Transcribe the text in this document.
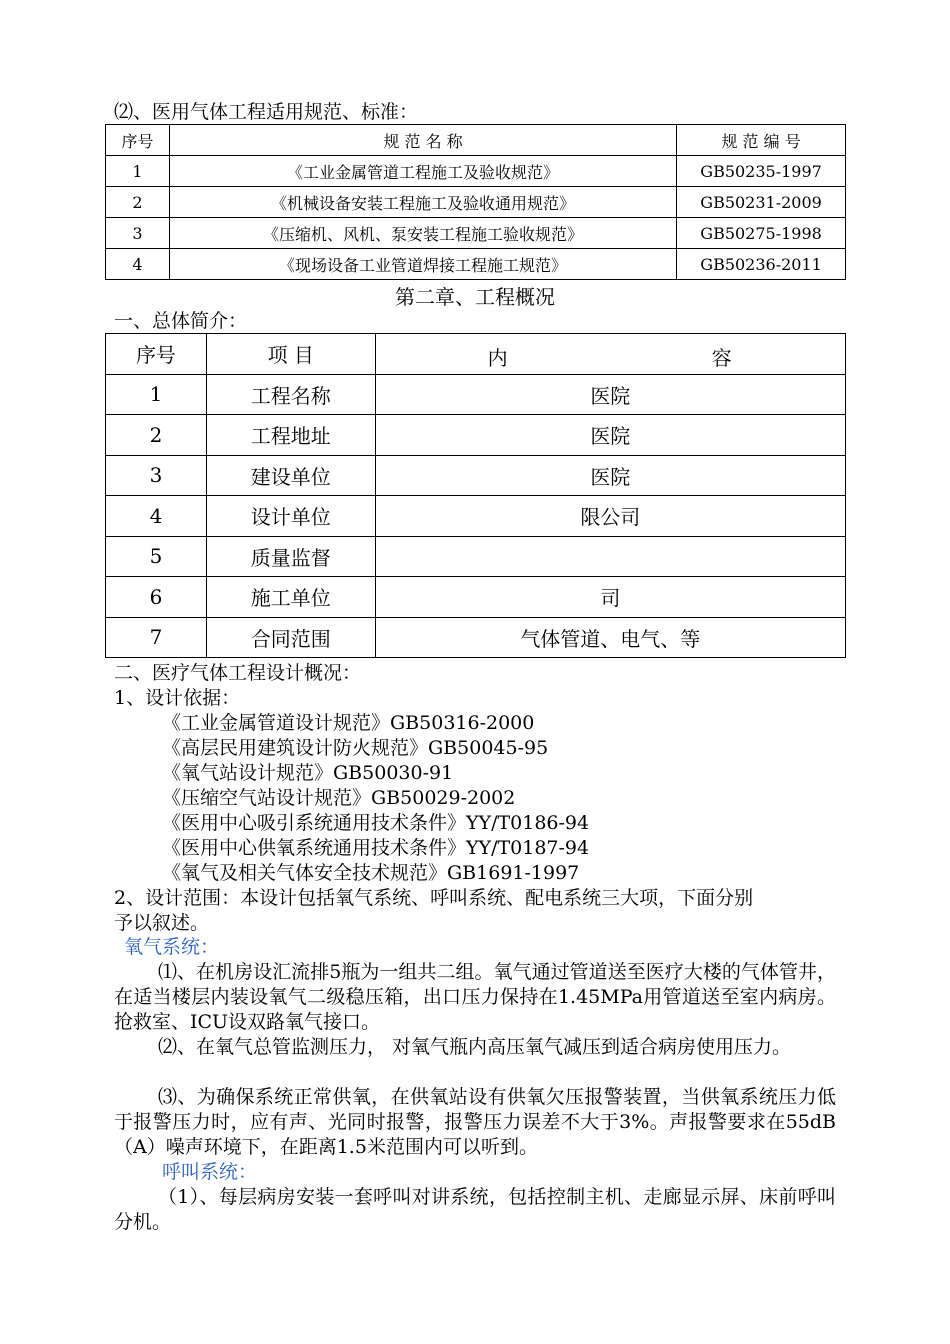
⑵、医用气体工程适用规范、标准：
序号	规 范 名 称	规 范 编 号
1	《工业金属管道工程施工及验收规范》	GB50235-1997
2	《机械设备安装工程施工及验收通用规范》	GB50231-2009
3	《压缩机、风机、泵安装工程施工验收规范》	GB50275-1998
4	《现场设备工业管道焊接工程施工规范》	GB50236-2011
第二章、工程概况
一、总体简介：
序号	项 目	内 容

1	工程名称	医院
2	工程地址	医院
3	建设单位	医院
4	设计单位	限公司
5	质量监督	
6	施工单位	司
7	合同范围	气体管道、电气、等
二、医疗气体工程设计概况：
1、设计依据：
《工业金属管道设计规范》GB50316-2000
《高层民用建筑设计防火规范》GB50045-95
《氧气站设计规范》GB50030-91
《压缩空气站设计规范》GB50029-2002
《医用中心吸引系统通用技术条件》YY/T0186-94
《医用中心供氧系统通用技术条件》YY/T0187-94
《氧气及相关气体安全技术规范》GB1691-1997
2、设计范围：本设计包括氧气系统、呼叫系统、配电系统三大项，下面分别
予以叙述。
氧气系统：
⑴、在机房设汇流排5瓶为一组共二组。氧气通过管道送至医疗大楼的气体管井，在适当楼层内装设氧气二级稳压箱，出口压力保持在1.45MPa用管道送至室内病房。抢救室、ICU设双路氧气接口。
⑵、在氧气总管监测压力， 对氧气瓶内高压氧气减压到适合病房使用压力。
⑶、为确保系统正常供氧，在供氧站设有供氧欠压报警装置，当供氧系统压力低于报警压力时，应有声、光同时报警，报警压力误差不大于3%。声报警要求在55dB（A）噪声环境下，在距离1.5米范围内可以听到。
呼叫系统：
（1）、每层病房安装一套呼叫对讲系统，包括控制主机、走廊显示屏、床前呼叫分机。
